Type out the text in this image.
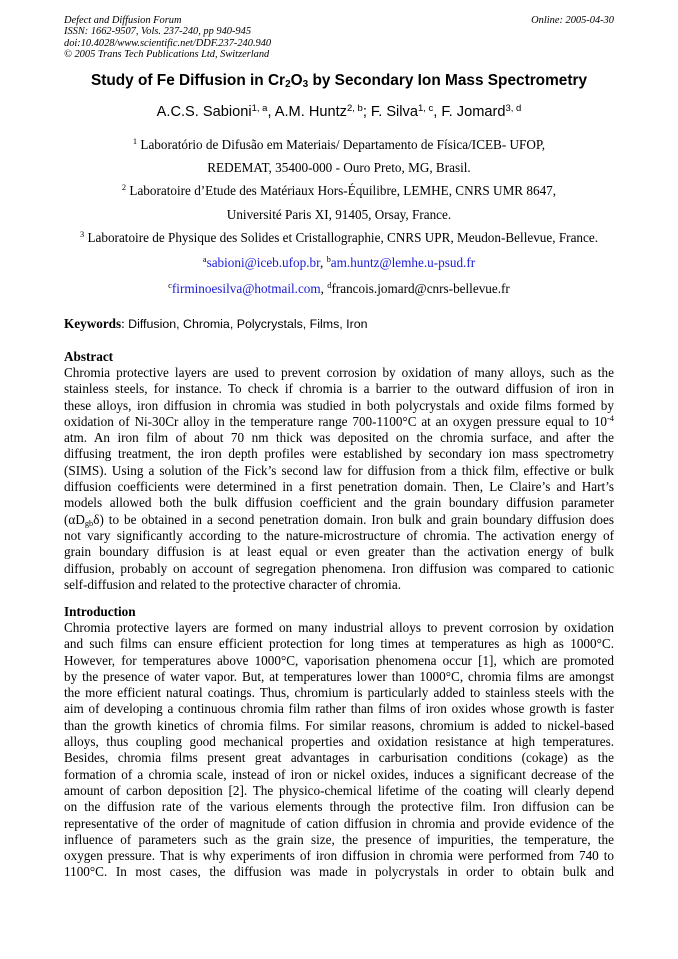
Defect and Diffusion Forum
ISSN: 1662-9507, Vols. 237-240, pp 940-945
doi:10.4028/www.scientific.net/DDF.237-240.940
© 2005 Trans Tech Publications Ltd, Switzerland
Online: 2005-04-30
Study of Fe Diffusion in $Cr_2O_3$ by Secondary Ion Mass Spectrometry
A.C.S. Sabioni$^{1, a}$, A.M. Huntz$^{2, b}$; F. Silva$^{1, c}$, F. Jomard$^{3, d}$
$^1$ Laboratório de Difusão em Materiais/ Departamento de Física/ICEB- UFOP,
REDEMAT, 35400-000 - Ouro Preto, MG, Brasil.
$^2$ Laboratoire d’Etude des Matériaux Hors-Équilibre, LEMHE, CNRS UMR 8647,
Université Paris XI, 91405, Orsay, France.
$^3$ Laboratoire de Physique des Solides et Cristallographie, CNRS UPR, Meudon-Bellevue, France.
$^a$sabioni@iceb.ufop.br, $^b$am.huntz@lemhe.u-psud.fr
$^c$firminoesilva@hotmail.com, $^d$francois.jomard@cnrs-bellevue.fr
Keywords: Diffusion, Chromia, Polycrystals, Films, Iron
Abstract
Chromia protective layers are used to prevent corrosion by oxidation of many alloys, such as the
stainless steels, for instance. To check if chromia is a barrier to the outward diffusion of iron in
these alloys, iron diffusion in chromia was studied in both polycrystals and oxide films formed by
oxidation of Ni-30Cr alloy in the temperature range 700-1100°C at an oxygen pressure equal to $10^{-4}$
atm. An iron film of about 70 nm thick was deposited on the chromia surface, and after the
diffusing treatment, the iron depth profiles were established by secondary ion mass spectrometry
(SIMS). Using a solution of the Fick’s second law for diffusion from a thick film, effective or bulk
diffusion coefficients were determined in a first penetration domain. Then, Le Claire’s and Hart’s
models allowed both the bulk diffusion coefficient and the grain boundary diffusion parameter
$(\alpha D_{gb}\delta)$ to be obtained in a second penetration domain. Iron bulk and grain boundary diffusion does
not vary significantly according to the nature-microstructure of chromia. The activation energy of
grain boundary diffusion is at least equal or even greater than the activation energy of bulk
diffusion, probably on account of segregation phenomena. Iron diffusion was compared to cationic
self-diffusion and related to the protective character of chromia.
Introduction
Chromia protective layers are formed on many industrial alloys to prevent corrosion by oxidation
and such films can ensure efficient protection for long times at temperatures as high as 1000°C.
However, for temperatures above 1000°C, vaporisation phenomena occur [1], which are promoted
by the presence of water vapor. But, at temperatures lower than 1000°C, chromia films are amongst
the more efficient natural coatings. Thus, chromium is particularly added to stainless steels with the
aim of developing a continuous chromia film rather than films of iron oxides whose growth is faster
than the growth kinetics of chromia films. For similar reasons, chromium is added to nickel-based
alloys, thus coupling good mechanical properties and oxidation resistance at high temperatures.
Besides, chromia films present great advantages in carburisation conditions (cokage) as the
formation of a chromia scale, instead of iron or nickel oxides, induces a significant decrease of the
amount of carbon deposition [2]. The physico-chemical lifetime of the coating will clearly depend
on the diffusion rate of the various elements through the protective film. Iron diffusion can be
representative of the order of magnitude of cation diffusion in chromia and provide evidence of the
influence of parameters such as the grain size, the presence of impurities, the temperature, the
oxygen pressure. That is why experiments of iron diffusion in chromia were performed from 740 to
1100°C. In most cases, the diffusion was made in polycrystals in order to obtain bulk and
